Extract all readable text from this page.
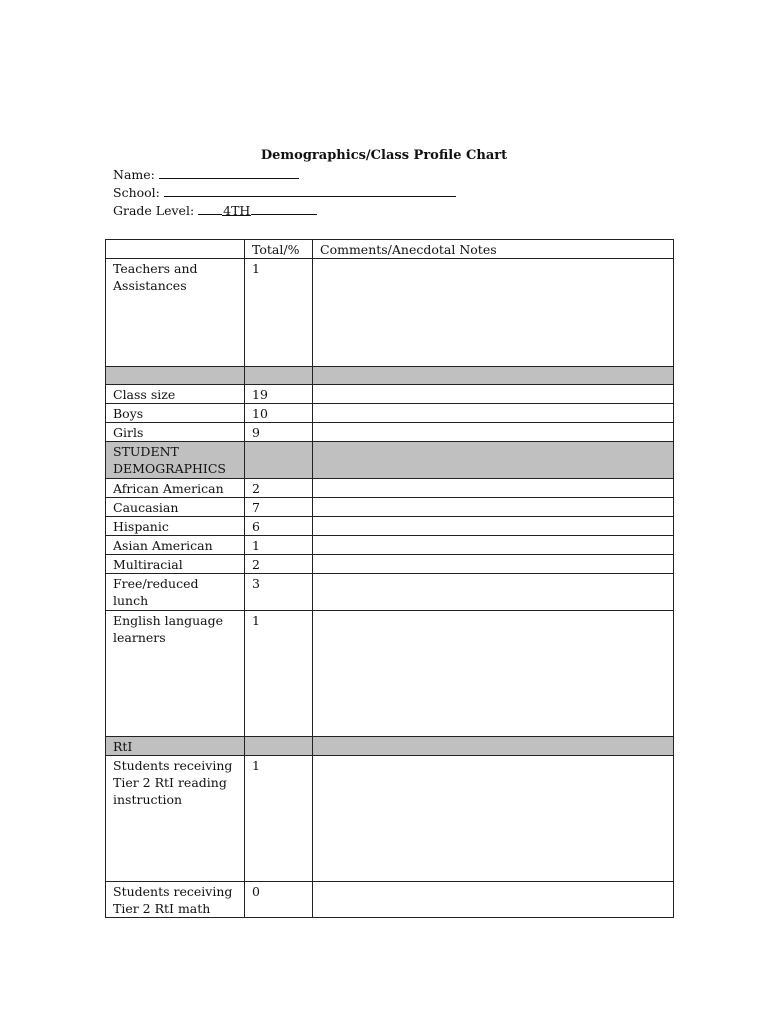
Demographics/Class Profile Chart
Name:
School:
Grade Level: 4TH
	Total/%	Comments/Anecdotal Notes
Teachers and Assistances	1	

Class size	19	
Boys	10	
Girls	9	
STUDENT DEMOGRAPHICS		
African American	2	
Caucasian	7	
Hispanic	6	
Asian American	1	
Multiracial	2	
Free/reduced lunch	3	
English language learners	1	
RtI		
Students receiving Tier 2 RtI reading instruction	1	
Students receiving Tier 2 RtI math	0	
